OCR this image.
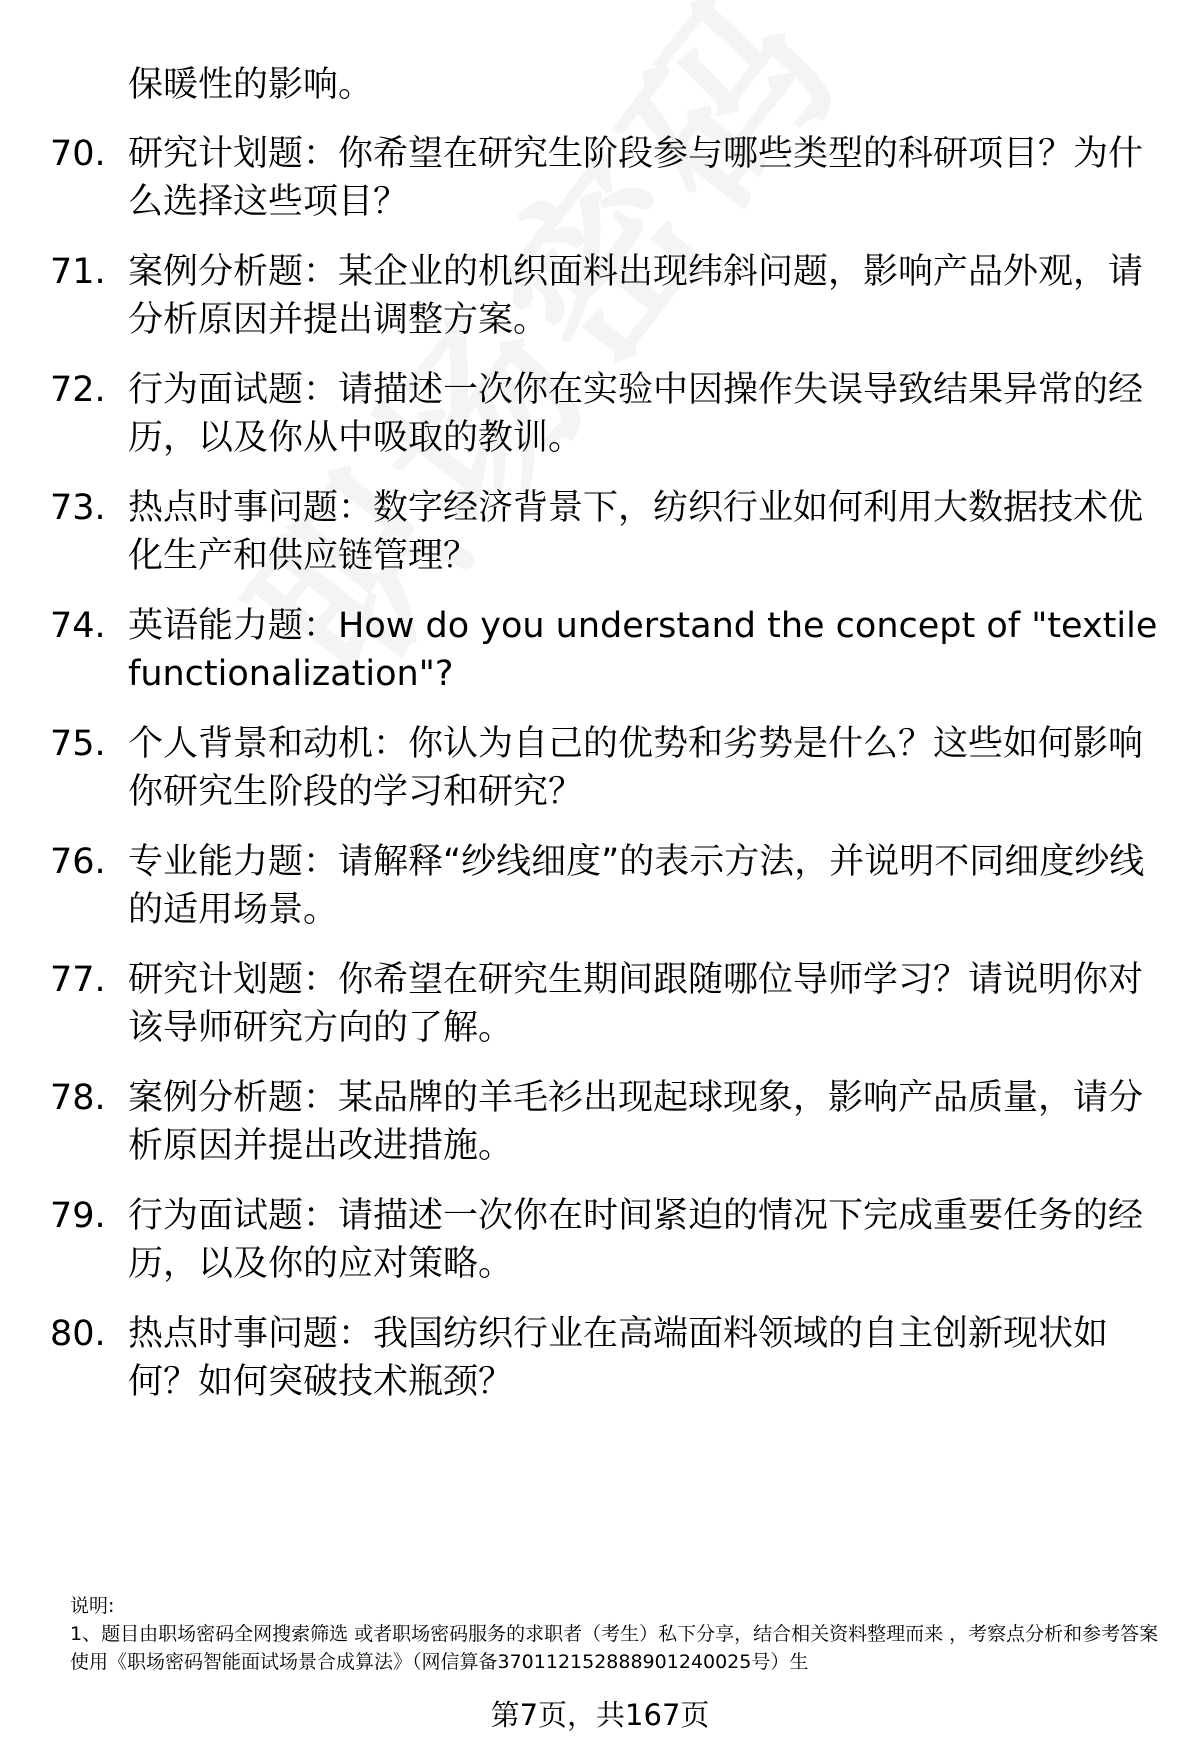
保暖性的影响。
70. 研究计划题：你希望在研究生阶段参与哪些类型的科研项目？为什么选择这些项目？
71. 案例分析题：某企业的机织面料出现纬斜问题，影响产品外观，请分析原因并提出调整方案。
72. 行为面试题：请描述一次你在实验中因操作失误导致结果异常的经历，以及你从中吸取的教训。
73. 热点时事问题：数字经济背景下，纺织行业如何利用大数据技术优化生产和供应链管理？
74. 英语能力题：How do you understand the concept of "textile functionalization"?
75. 个人背景和动机：你认为自己的优势和劣势是什么？这些如何影响你研究生阶段的学习和研究？
76. 专业能力题：请解释“纱线细度”的表示方法，并说明不同细度纱线的适用场景。
77. 研究计划题：你希望在研究生期间跟随哪位导师学习？请说明你对该导师研究方向的了解。
78. 案例分析题：某品牌的羊毛衫出现起球现象，影响产品质量，请分析原因并提出改进措施。
79. 行为面试题：请描述一次你在时间紧迫的情况下完成重要任务的经历，以及你的应对策略。
80. 热点时事问题：我国纺织行业在高端面料领域的自主创新现状如何？如何突破技术瓶颈？
说明:
1、题目由职场密码全网搜索筛选 或者职场密码服务的求职者（考生）私下分享，结合相关资料整理而来 ，考察点分析和参考答案使用《职场密码智能面试场景合成算法》（网信算备370112152888901240025号）生
第7页，共167页
